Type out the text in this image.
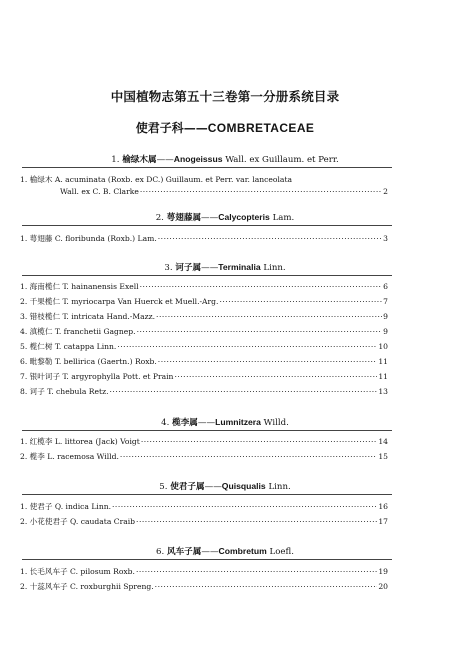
中国植物志第五十三卷第一分册系统目录
使君子科——COMBRETACEAE
1. 榆绿木属——Anogeissus Wall. ex Guillaum. et Perr.
1. 榆绿木 A. acuminata (Roxb. ex DC.) Guillaum. et Perr. var. lanceolata
Wall. ex C. B. Clarke ·····	2
2. 萼翅藤属——Calycopteris Lam.
1. 萼翅藤 C. floribunda (Roxb.) Lam. ·····	3
3. 诃子属——Terminalia Linn.
1. 海南榄仁 T. hainanensis Exell ·····	6
2. 千果榄仁 T. myriocarpa Van Huerck et Muell.-Arg. ·····	7
3. 错枝榄仁 T. intricata Hand.-Mazz. ·····	9
4. 滇榄仁 T. franchetii Gagnep. ·····	9
5. 榄仁树 T. catappa Linn. ·····	10
6. 毗黎勒 T. bellirica (Gaertn.) Roxb. ·····	11
7. 银叶诃子 T. argyrophylla Pott. et Prain ·····	11
8. 诃子 T. chebula Retz. ·····	13
4. 榄李属——Lumnitzera Willd.
1. 红榄李 L. littorea (Jack) Voigt ·····	14
2. 榄李 L. racemosa Willd. ·····	15
5. 使君子属——Quisqualis Linn.
1. 使君子 Q. indica Linn. ·····	16
2. 小花使君子 Q. caudata Craib ·····	17
6. 风车子属——Combretum Loefl.
1. 长毛风车子 C. pilosum Roxb. ·····	19
2. 十蕊风车子 C. roxburghii Spreng. ·····	20
